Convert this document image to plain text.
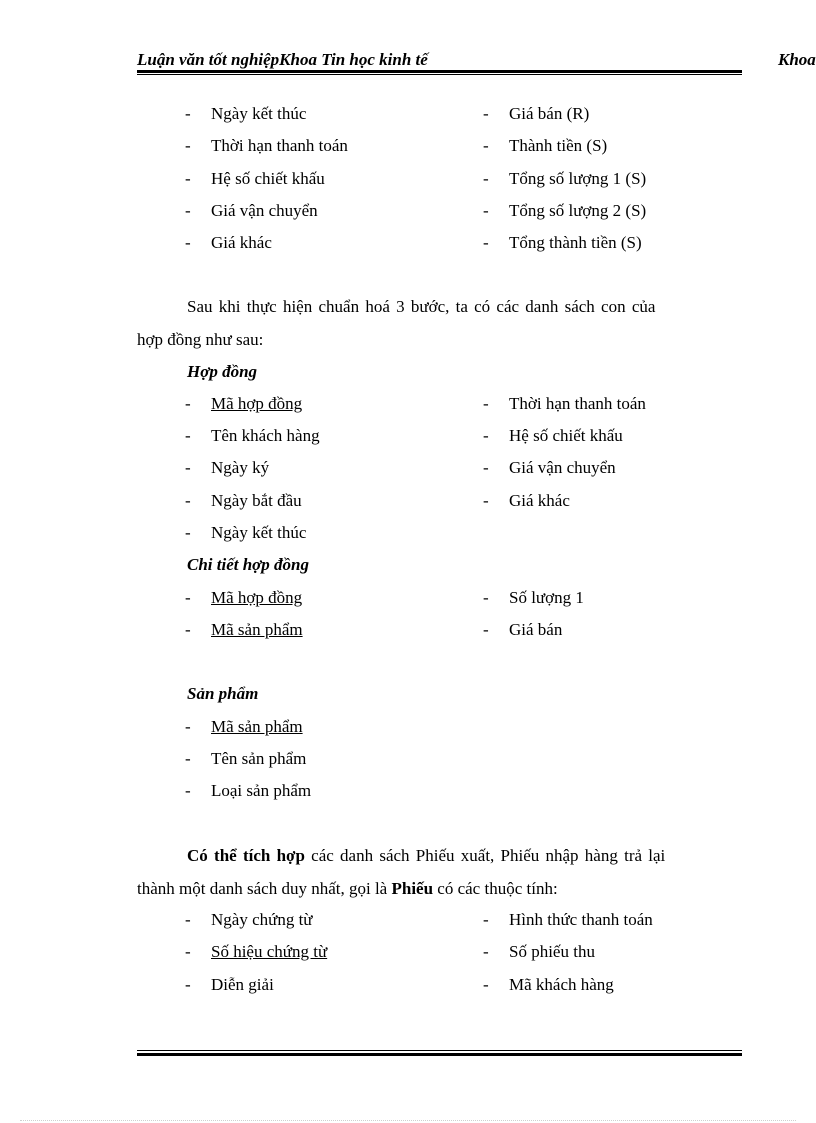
Luận văn tốt nghiệpKhoa Tin học kinh tế	Khoa
-	Ngày kết thúc
-	Thời hạn thanh toán
-	Hệ số chiết khấu
-	Giá vận chuyển
-	Giá khác
-	Giá bán (R)
-	Thành tiền (S)
-	Tổng số lượng 1 (S)
-	Tổng số lượng 2 (S)
-	Tổng thành tiền (S)
Sau khi thực hiện chuẩn hoá 3 bước, ta có các danh sách con của
hợp đồng như sau:
Hợp đồng
-	Mã hợp đồng
-	Tên khách hàng
-	Ngày ký
-	Ngày bắt đầu
-	Ngày kết thúc
-	Thời hạn thanh toán
-	Hệ số chiết khấu
-	Giá vận chuyển
-	Giá khác
Chi tiết hợp đồng
-	Mã hợp đồng
-	Mã sản phẩm
-	Số lượng 1
-	Giá bán
Sản phẩm
-	Mã sản phẩm
-	Tên sản phẩm
-	Loại sản phẩm
Có thể tích hợp các danh sách Phiếu xuất, Phiếu nhập hàng trả lại
thành một danh sách duy nhất, gọi là Phiếu có các thuộc tính:
-	Ngày chứng từ
-	Số hiệu chứng từ
-	Diễn giải
-	Hình thức thanh toán
-	Số phiếu thu
-	Mã khách hàng
